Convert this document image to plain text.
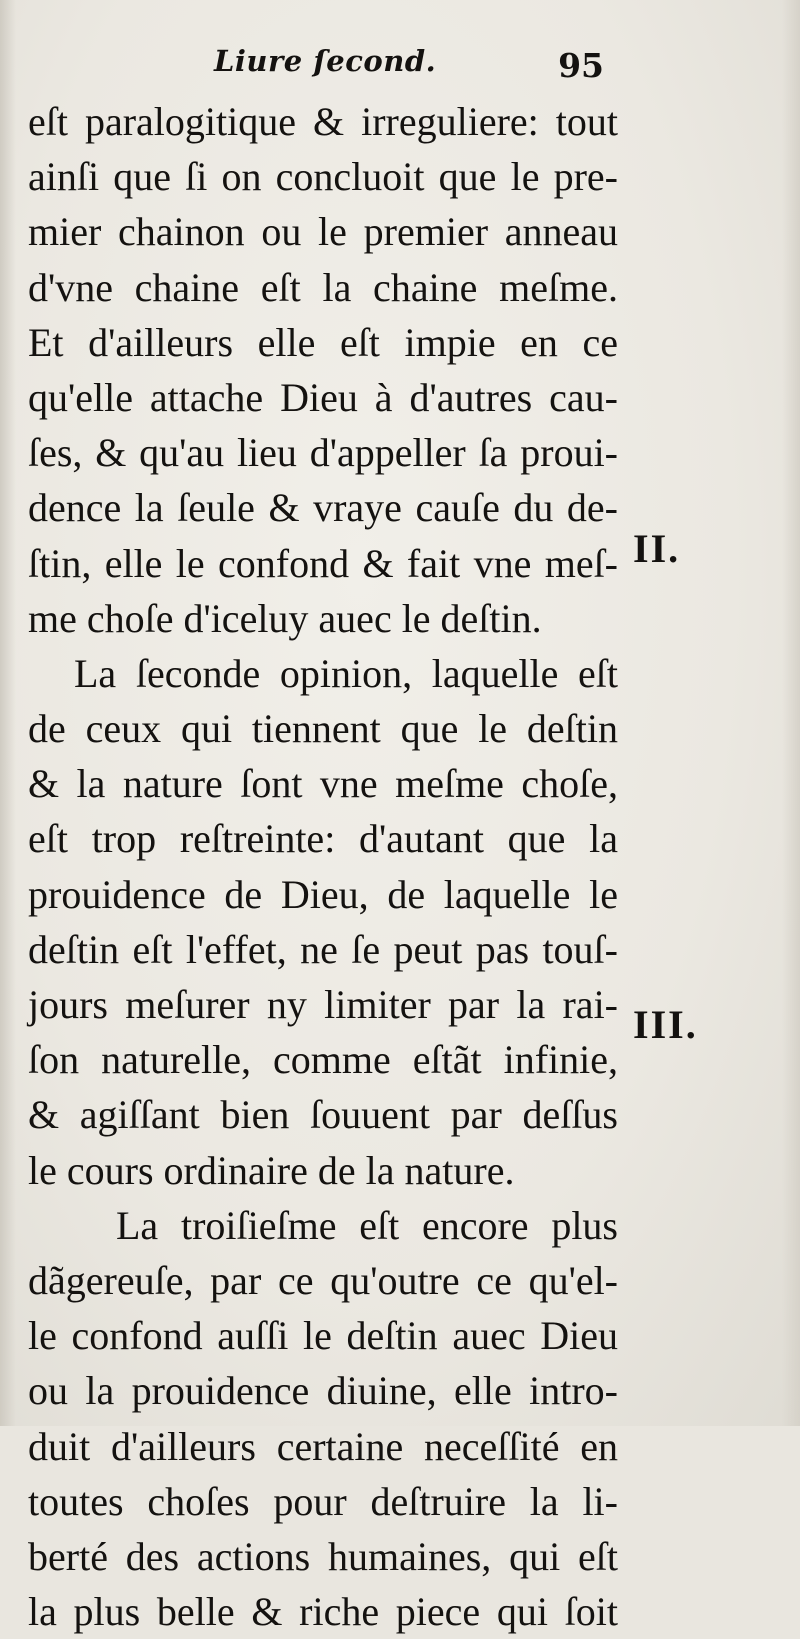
Liure ſecond.	95
eſt paralogitique & irreguliere: tout
ainſi que ſi on concluoit que le pre-
mier chainon ou le premier anneau
d'vne chaine eſt la chaine meſme.
Et d'ailleurs elle eſt impie en ce
qu'elle attache Dieu à d'autres cau-
ſes, & qu'au lieu d'appeller ſa proui-
dence la ſeule & vraye cauſe du de-
ſtin, elle le confond & fait vne meſ-
me choſe d'iceluy auec le deſtin.
La ſeconde opinion, laquelle eſt
de ceux qui tiennent que le deſtin
& la nature ſont vne meſme choſe,
eſt trop reſtreinte: d'autant que la
prouidence de Dieu, de laquelle le
deſtin eſt l'effet, ne ſe peut pas touſ-
jours meſurer ny limiter par la rai-
ſon naturelle, comme eſtãt infinie,
& agiſſant bien ſouuent par deſſus
le cours ordinaire de la nature.
La troiſieſme eſt encore plus
dãgereuſe, par ce qu'outre ce qu'el-
le confond auſſi le deſtin auec Dieu
ou la prouidence diuine, elle intro-
duit d'ailleurs certaine neceſſité en
toutes choſes pour deſtruire la li-
berté des actions humaines, qui eſt
la plus belle & riche piece qui ſoit
II.
III.
